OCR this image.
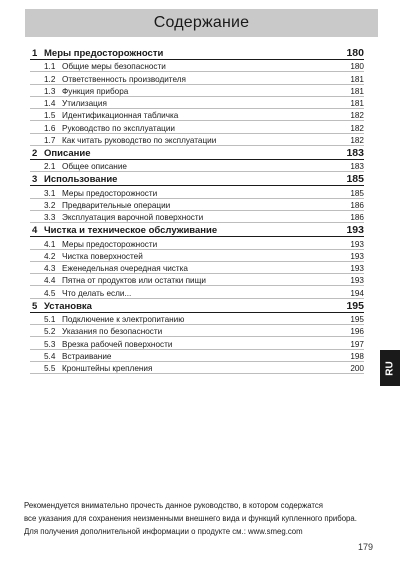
Содержание
1 Меры предосторожности	180
1.1 Общие меры безопасности	180
1.2 Ответственность производителя	181
1.3 Функция прибора	181
1.4 Утилизация	181
1.5 Идентификационная табличка	182
1.6 Руководство по эксплуатации	182
1.7 Как читать руководство по эксплуатации	182
2 Описание	183
2.1 Общее описание	183
3 Использование	185
3.1 Меры предосторожности	185
3.2 Предварительные операции	186
3.3 Эксплуатация варочной поверхности	186
4 Чистка и техническое обслуживание	193
4.1 Меры предосторожности	193
4.2 Чистка поверхностей	193
4.3 Еженедельная очередная чистка	193
4.4 Пятна от продуктов или остатки пищи	193
4.5 Что делать если...	194
5 Установка	195
5.1 Подключение к электропитанию	195
5.2 Указания по безопасности	196
5.3 Врезка рабочей поверхности	197
5.4 Встраивание	198
5.5 Кронштейны крепления	200 RU

Рекомендуется внимательно прочесть данное руководство, в котором содержатся

все указания для сохранения неизменными внешнего вида и функций купленного прибора.

Для получения дополнительной информации о продукте см.: www.smeg.com

179
